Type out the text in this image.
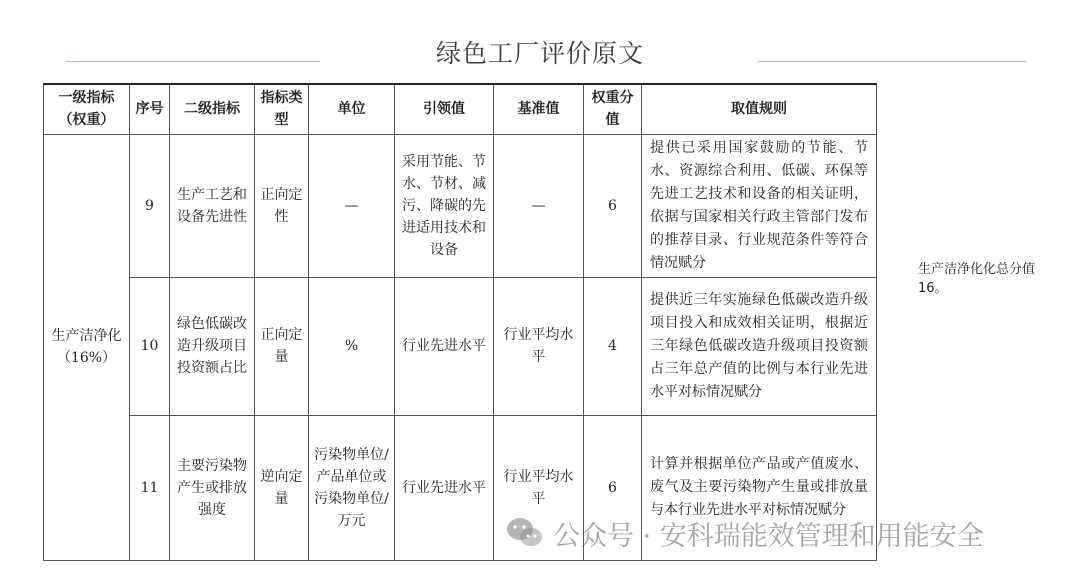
绿色工厂评价原文
一级指标（权重）	序号	二级指标	指标类型	单位	引领值	基准值	权重分值	取值规则
生产洁净化（16%）	9	生产工艺和设备先进性	正向定性	—	采用节能、节水、节材、减污、降碳的先进适用技术和设备	—	6	提供已采用国家鼓励的节能、节水、资源综合利用、低碳、环保等先进工艺技术和设备的相关证明，依据与国家相关行政主管部门发布的推荐目录、行业规范条件等符合情况赋分
	10	绿色低碳改造升级项目投资额占比	正向定量	%	行业先进水平	行业平均水平	4	提供近三年实施绿色低碳改造升级项目投入和成效相关证明，根据近三年绿色低碳改造升级项目投资额占三年总产值的比例与本行业先进水平对标情况赋分
	11	主要污染物产生或排放强度	逆向定量	污染物单位/产品单位或污染物单位/万元	行业先进水平	行业平均水平	6	计算并根据单位产品或产值废水、废气及主要污染物产生量或排放量与本行业先进水平对标情况赋分
生产洁净化化总分值16。
公众号 · 安科瑞能效管理和用能安全
